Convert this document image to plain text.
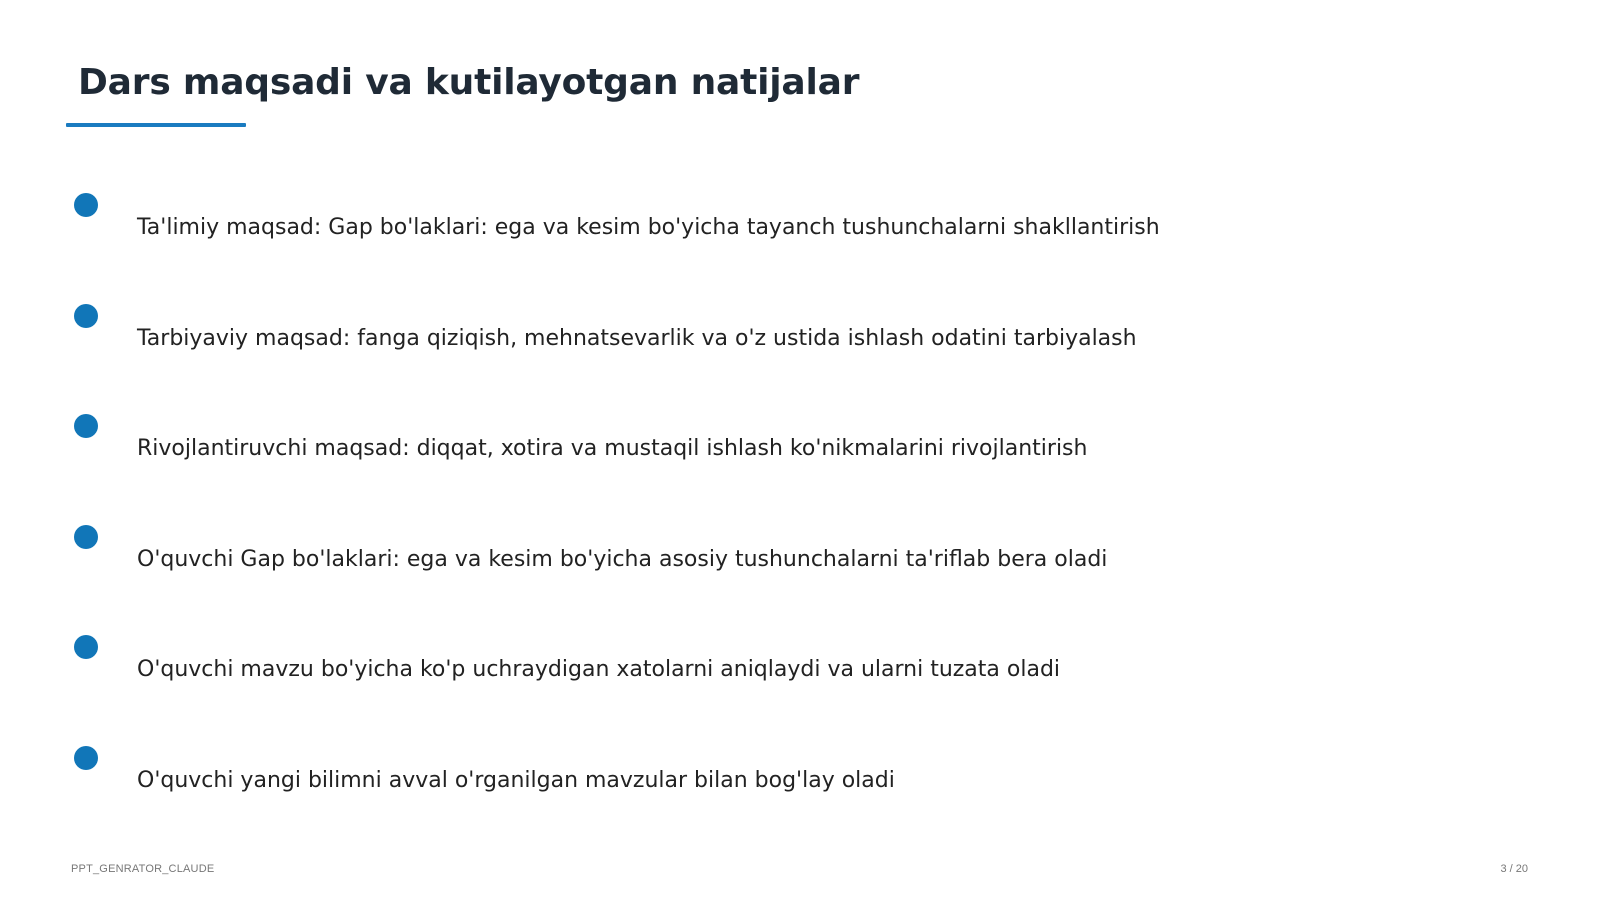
Dars maqsadi va kutilayotgan natijalar
Ta'limiy maqsad: Gap bo'laklari: ega va kesim bo'yicha tayanch tushunchalarni shakllantirish
Tarbiyaviy maqsad: fanga qiziqish, mehnatsevarlik va o'z ustida ishlash odatini tarbiyalash
Rivojlantiruvchi maqsad: diqqat, xotira va mustaqil ishlash ko'nikmalarini rivojlantirish
O'quvchi Gap bo'laklari: ega va kesim bo'yicha asosiy tushunchalarni ta'riflab bera oladi
O'quvchi mavzu bo'yicha ko'p uchraydigan xatolarni aniqlaydi va ularni tuzata oladi
O'quvchi yangi bilimni avval o'rganilgan mavzular bilan bog'lay oladi
PPT_GENRATOR_CLAUDE	3 / 20
